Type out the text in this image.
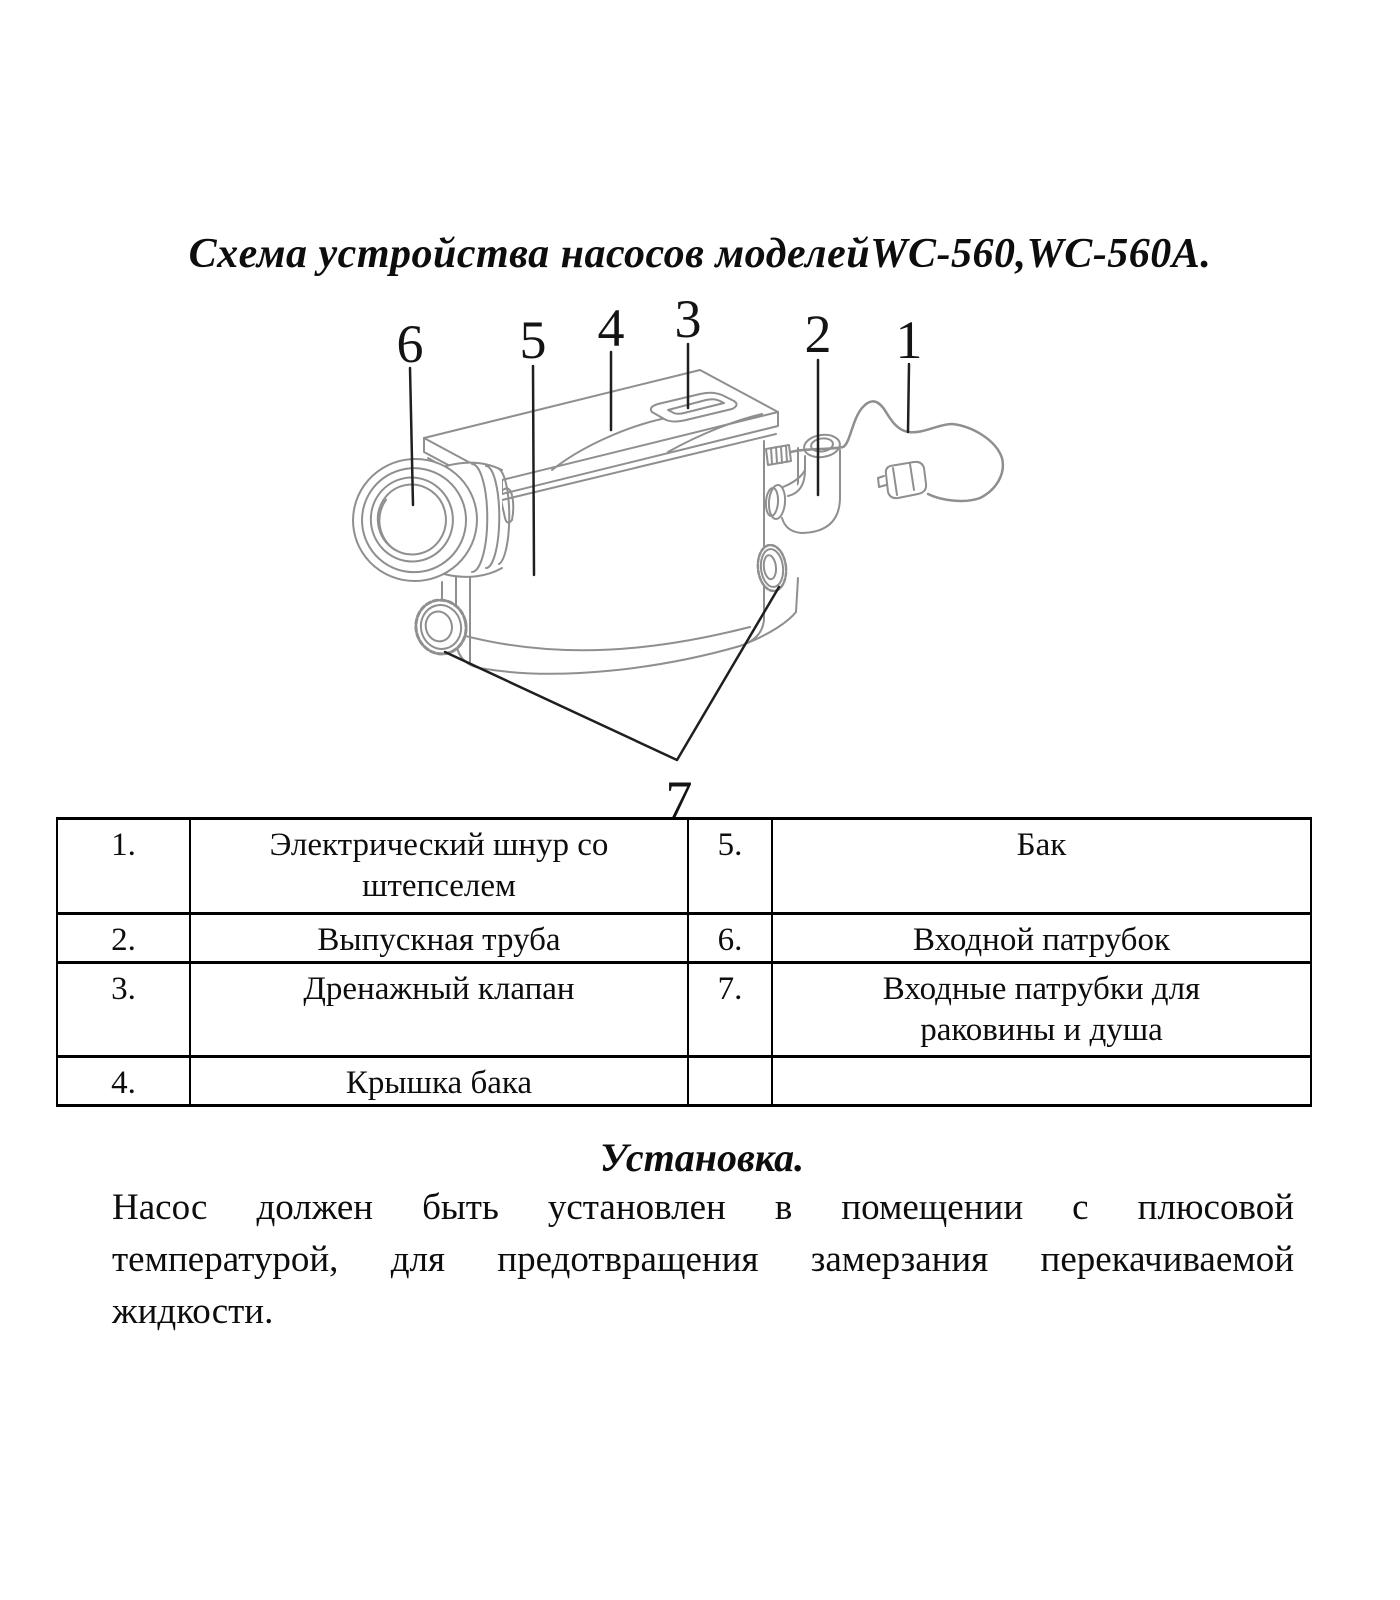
Схема устройства насосов моделейWC-560,WC-560А.
1
2
3
4
5
6
7
1.	Электрический шнур со
штепселем	5.	Бак

2.	Выпускная труба	6.	Входной патрубок

3.	Дренажный клапан	7.	Входные патрубки для
раковины и душа

4.	Крышка бака		

Установка.
Насос должен быть установлен в помещении с плюсовой
температурой, для предотвращения замерзания перекачиваемой
жидкости.
